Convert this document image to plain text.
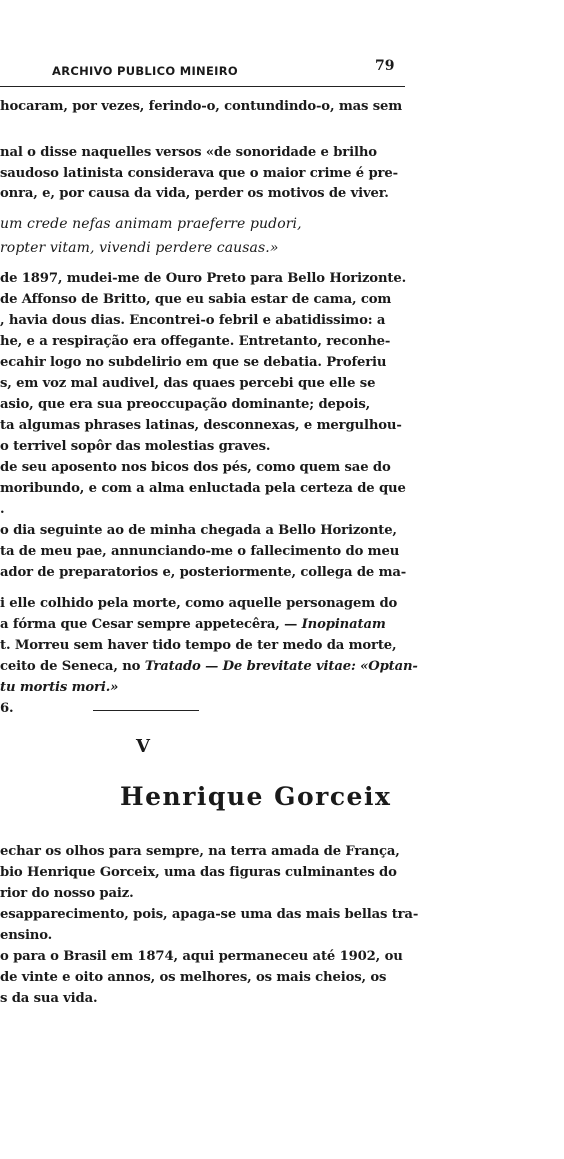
ARCHIVO PUBLICO MINEIRO	79
hocaram, por vezes, ferindo-o, contundindo-o, mas sem
nal o disse naquelles versos «de sonoridade e brilho
saudoso latinista considerava que o maior crime é pre-
onra, e, por causa da vida, perder os motivos de viver.
um crede nefas animam praeferre pudori,
ropter vitam, vivendi perdere causas.»
de 1897, mudei-me de Ouro Preto para Bello Horizonte.
de Affonso de Britto, que eu sabia estar de cama, com
, havia dous dias. Encontrei-o febril e abatidissimo: a
he, e a respiração era offegante. Entretanto, reconhe-
ecahir logo no subdelirio em que se debatia. Proferiu
s, em voz mal audivel, das quaes percebi que elle se
asio, que era sua preoccupação dominante; depois,
ta algumas phrases latinas, desconnexas, e mergulhou-
o terrivel sopôr das molestias graves.
de seu aposento nos bicos dos pés, como quem sae do
moribundo, e com a alma enluctada pela certeza de que
.
o dia seguinte ao de minha chegada a Bello Horizonte,
ta de meu pae, annunciando-me o fallecimento do meu
ador de preparatorios e, posteriormente, collega de ma-
i elle colhido pela morte, como aquelle personagem do
a fórma que Cesar sempre appetecêra, — Inopinatam
t. Morreu sem haver tido tempo de ter medo da morte,
ceito de Seneca, no Tratado — De brevitate vitae: «Optan-
tu mortis mori.»
6.
V
Henrique Gorceix
echar os olhos para sempre, na terra amada de França,
bio Henrique Gorceix, uma das figuras culminantes do
rior do nosso paiz.
esapparecimento, pois, apaga-se uma das mais bellas tra-
ensino.
o para o Brasil em 1874, aqui permaneceu até 1902, ou
de vinte e oito annos, os melhores, os mais cheios, os
s da sua vida.
